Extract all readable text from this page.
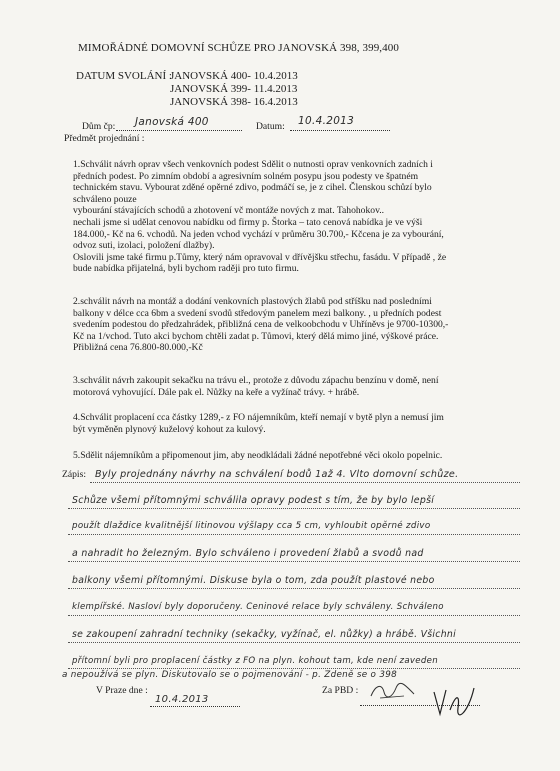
MIMOŘÁDNÉ DOMOVNÍ SCHŮZE PRO JANOVSKÁ 398, 399,400
DATUM SVOLÁNÍ :
JANOVSKÁ 400- 10.4.2013
JANOVSKÁ 399- 11.4.2013
JANOVSKÁ 398- 16.4.2013
Dům čp: Janovská 400	Datum: 10.4.2013
Předmět projednání :

1.Schválit návrh oprav všech venkovních podest Sdělit o nutnosti oprav venkovních zadních i

předních podest. Po zimním období a agresivním solném posypu jsou podesty ve špatném

technickém stavu. Vybourat zděné opěrné zdivo, podmáčí se, je z cihel. Členskou schůzí bylo

schváleno pouze

vybourání stávajících schodů a zhotovení vč montáže nových z mat. Tahohokov..

nechali jsme si udělat cenovou nabídku od firmy p. Štorka – tato cenová nabídka je ve výši

184.000,- Kč na 6. vchodů. Na jeden vchod vychází v průměru 30.700,- Kčcena je za vybourání,

odvoz suti, izolaci, položení dlažby).

Oslovili jsme také firmu p.Tůmy, který nám opravoval v dřívějšku střechu, fasádu. V případě , že

bude nabídka přijatelná, byli bychom raději pro tuto firmu.

2.schválit návrh na montáž a dodání venkovních plastových žlabů pod stříšku nad posledními

balkony v délce cca 6bm a svedení svodů středovým panelem mezi balkony. , u předních podest

svedením podestou do předzahrádek, přibližná cena de velkoobchodu v Uhříněvs je 9700-10300,-

Kč na 1/vchod. Tuto akci bychom chtěli zadat p. Tůmovi, který dělá mimo jiné, výškové práce.

Přibližná cena 76.800-80.000,-Kč

3.schválit návrh zakoupit sekačku na trávu el., protože z důvodu zápachu benzínu v domě, není

motorová vyhovující. Dále pak el. Nůžky na keře a vyžínač trávy. + hrábě.

4.Schválit proplacení cca částky 1289,- z FO nájemníkům, kteří nemají v bytě plyn a nemusí jim

být vyměněn plynový kuželový kohout za kulový.

5.Sdělit nájemníkům a připomenout jim, aby neodkládali žádné nepotřebné věci okolo popelnic.

Zápis: Byly projednány návrhy na schválení bodů 1až 4. Vlto domovní schůze.
Schůze všemi přítomnými schválila opravy podest s tím, že by bylo lepší
použít dlaždice kvalitnější litinovou výšlapy cca 5 cm, vyhloubit opěrné zdivo
a nahradit ho železným. Bylo schváleno i provedení žlabů a svodů nad
balkony všemi přítomnými. Diskuse byla o tom, zda použít plastové nebo
klempířské. Nasloví byly doporučeny. Ceninové relace byly schváleny. Schváleno
se zakoupení zahradní techniky (sekačky, vyžínač, el. nůžky) a hrábě. Všichni
přítomní byli pro proplacení částky z FO na plyn. kohout tam, kde není zaveden
a nepoužívá se plyn. Diskutovalo se o pojmenování - p. Zdeně se o 398
V Praze dne :
10.4.2013
Za PBD :
